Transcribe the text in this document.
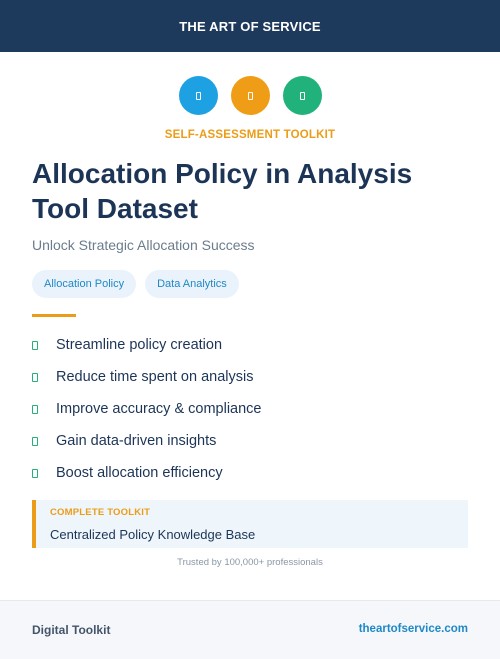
THE ART OF SERVICE
SELF-ASSESSMENT TOOLKIT
Allocation Policy in Analysis Tool Dataset
Unlock Strategic Allocation Success
Allocation Policy	Data Analytics
Streamline policy creation
Reduce time spent on analysis
Improve accuracy & compliance
Gain data-driven insights
Boost allocation efficiency
COMPLETE TOOLKIT
Centralized Policy Knowledge Base
Trusted by 100,000+ professionals
Digital Toolkit	theartofservice.com
